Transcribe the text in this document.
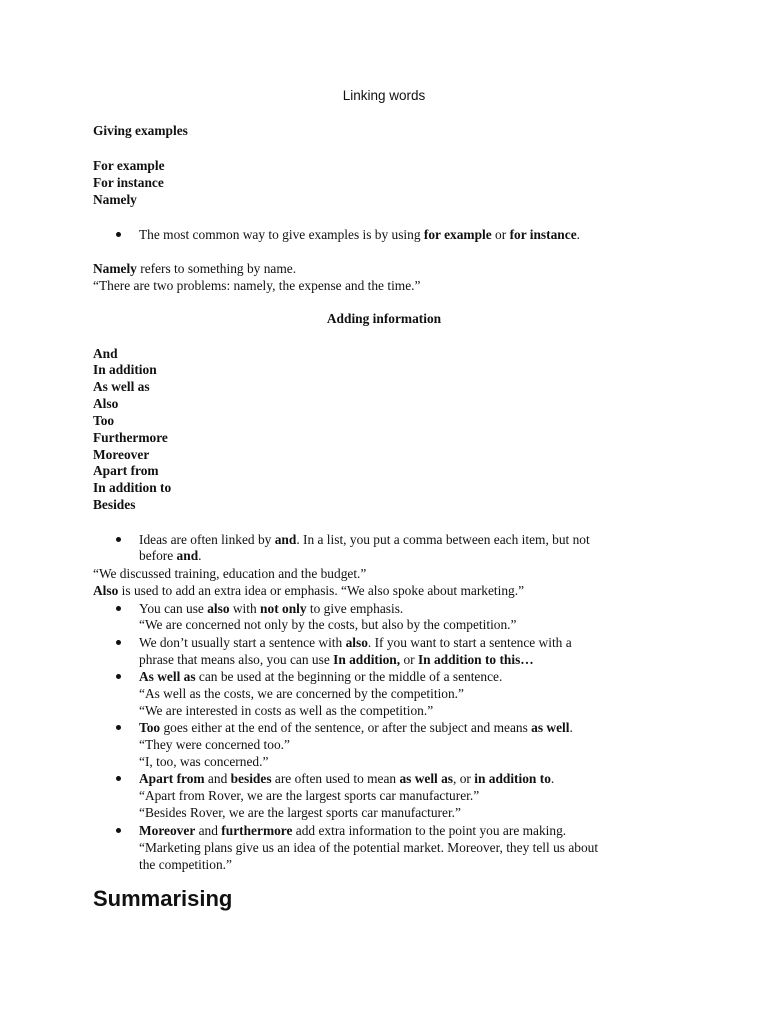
Linking words
Giving examples
For example
For instance
Namely
The most common way to give examples is by using for example or for instance.
Namely refers to something by name.
“There are two problems: namely, the expense and the time.”
Adding information
And
In addition
As well as
Also
Too
Furthermore
Moreover
Apart from
In addition to
Besides
Ideas are often linked by and. In a list, you put a comma between each item, but not
before and.
“We discussed training, education and the budget.”
Also is used to add an extra idea or emphasis. “We also spoke about marketing.”
You can use also with not only to give emphasis.
“We are concerned not only by the costs, but also by the competition.”
We don’t usually start a sentence with also. If you want to start a sentence with a
phrase that means also, you can use In addition, or In addition to this…
As well as can be used at the beginning or the middle of a sentence.
“As well as the costs, we are concerned by the competition.”
“We are interested in costs as well as the competition.”
Too goes either at the end of the sentence, or after the subject and means as well.
“They were concerned too.”
“I, too, was concerned.”
Apart from and besides are often used to mean as well as, or in addition to.
“Apart from Rover, we are the largest sports car manufacturer.”
“Besides Rover, we are the largest sports car manufacturer.”
Moreover and furthermore add extra information to the point you are making.
“Marketing plans give us an idea of the potential market. Moreover, they tell us about
the competition.”
Summarising
